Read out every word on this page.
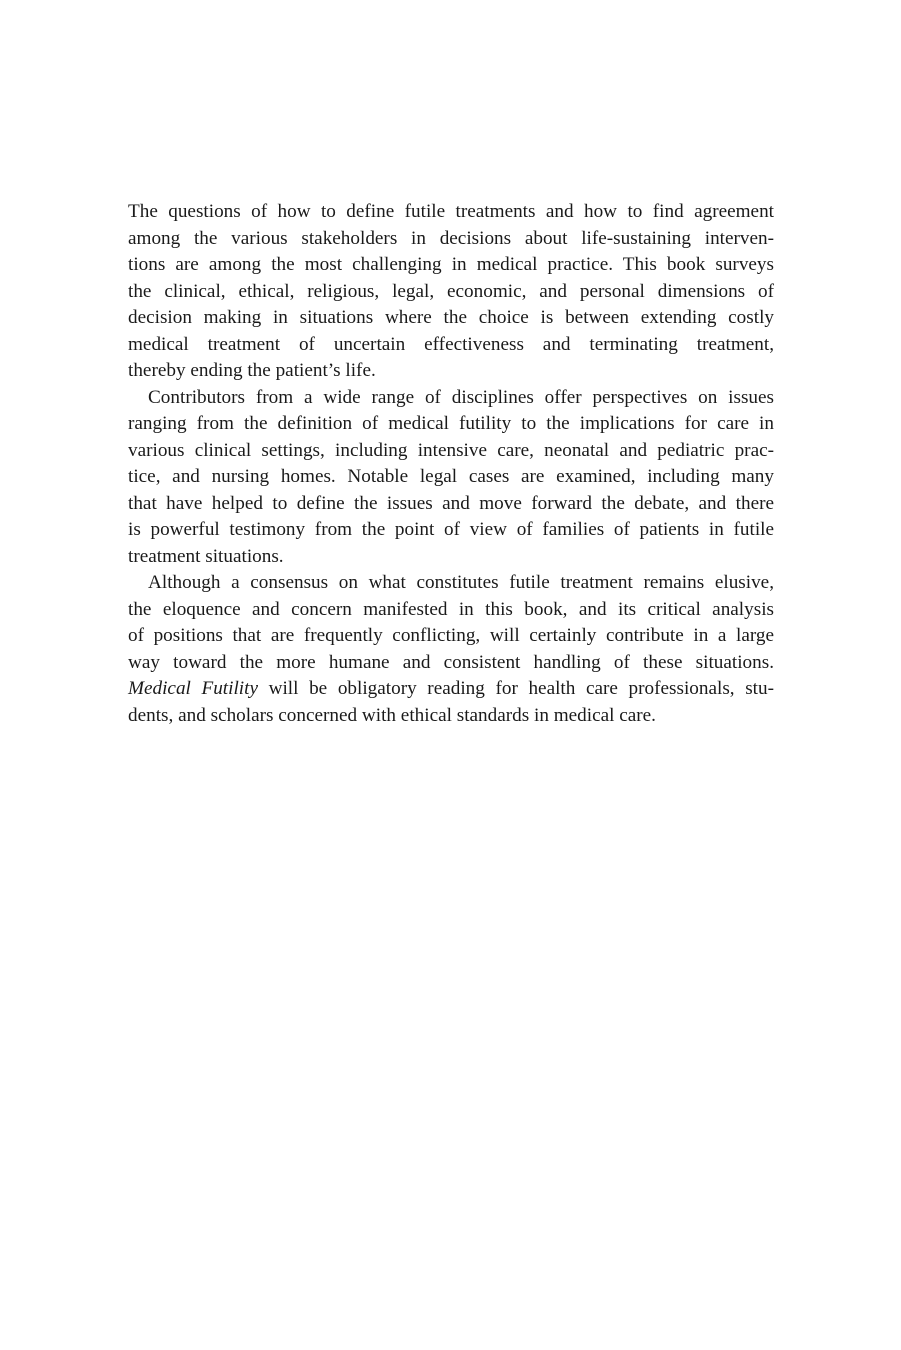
The questions of how to define futile treatments and how to find agreement
among the various stakeholders in decisions about life-sustaining interven-
tions are among the most challenging in medical practice. This book surveys
the clinical, ethical, religious, legal, economic, and personal dimensions of
decision making in situations where the choice is between extending costly
medical treatment of uncertain effectiveness and terminating treatment,
thereby ending the patient’s life.

Contributors from a wide range of disciplines offer perspectives on issues
ranging from the definition of medical futility to the implications for care in
various clinical settings, including intensive care, neonatal and pediatric prac-
tice, and nursing homes. Notable legal cases are examined, including many
that have helped to define the issues and move forward the debate, and there
is powerful testimony from the point of view of families of patients in futile
treatment situations.

Although a consensus on what constitutes futile treatment remains elusive,
the eloquence and concern manifested in this book, and its critical analysis
of positions that are frequently conflicting, will certainly contribute in a large
way toward the more humane and consistent handling of these situations.
Medical Futility will be obligatory reading for health care professionals, stu-
dents, and scholars concerned with ethical standards in medical care.
